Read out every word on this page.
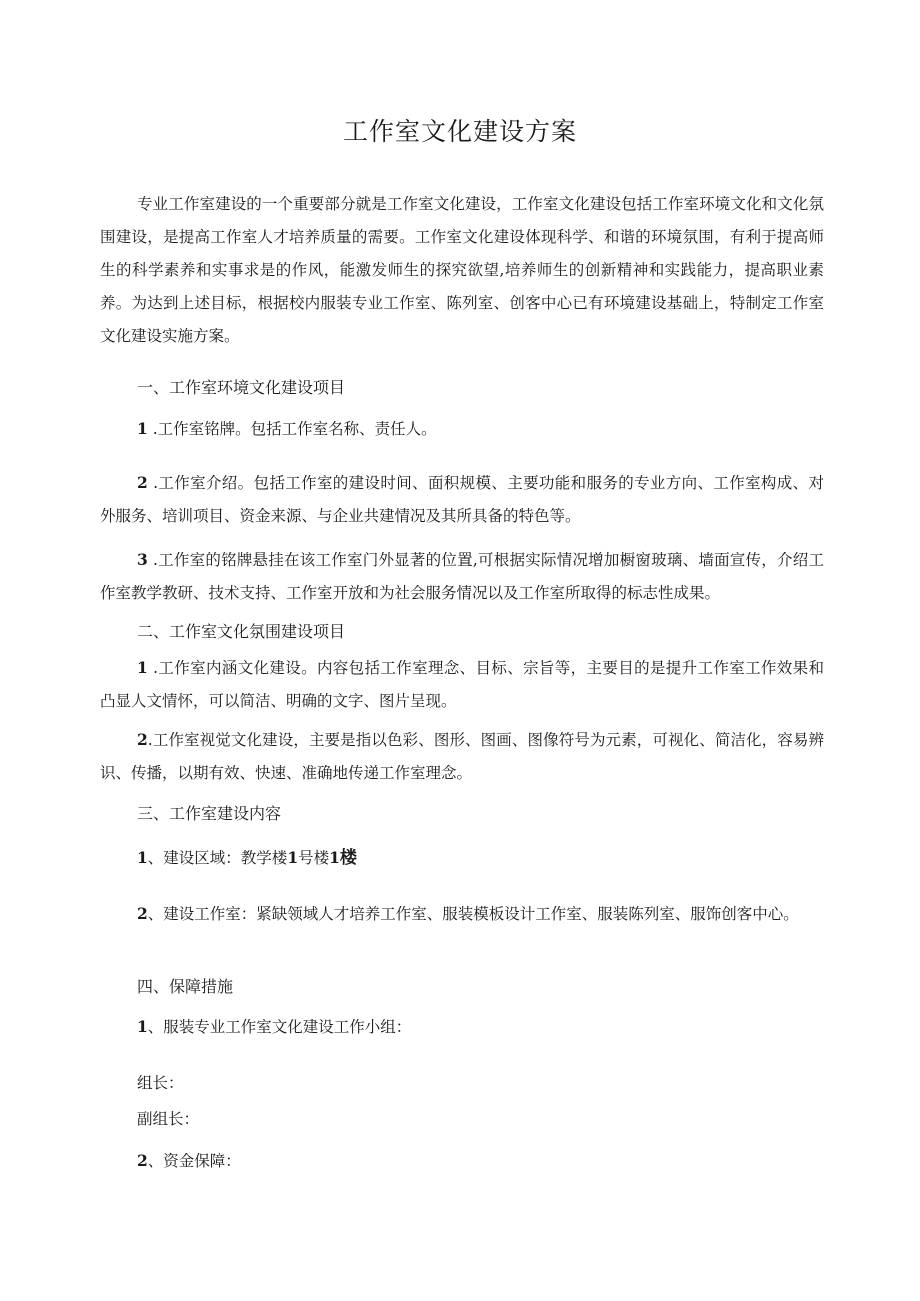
工作室文化建设方案
专业工作室建设的一个重要部分就是工作室文化建设，工作室文化建设包括工作室环境文化和文化氛围建设，是提高工作室人才培养质量的需要。工作室文化建设体现科学、和谐的环境氛围，有利于提高师生的科学素养和实事求是的作风，能激发师生的探究欲望,培养师生的创新精神和实践能力，提高职业素养。为达到上述目标，根据校内服装专业工作室、陈列室、创客中心已有环境建设基础上，特制定工作室文化建设实施方案。
一、工作室环境文化建设项目
1 .工作室铭牌。包括工作室名称、责任人。
2 .工作室介绍。包括工作室的建设时间、面积规模、主要功能和服务的专业方向、工作室构成、对外服务、培训项目、资金来源、与企业共建情况及其所具备的特色等。
3 .工作室的铭牌悬挂在该工作室门外显著的位置,可根据实际情况增加橱窗玻璃、墙面宣传，介绍工作室教学教研、技术支持、工作室开放和为社会服务情况以及工作室所取得的标志性成果。
二、工作室文化氛围建设项目
1 .工作室内涵文化建设。内容包括工作室理念、目标、宗旨等，主要目的是提升工作室工作效果和凸显人文情怀，可以简洁、明确的文字、图片呈现。
2.工作室视觉文化建设，主要是指以色彩、图形、图画、图像符号为元素，可视化、简洁化，容易辨识、传播，以期有效、快速、准确地传递工作室理念。
三、工作室建设内容
1、建设区域：教学楼1号楼1楼
2、建设工作室：紧缺领域人才培养工作室、服装模板设计工作室、服装陈列室、服饰创客中心。
四、保障措施
1、服装专业工作室文化建设工作小组：
组长：
副组长：
2、资金保障：
